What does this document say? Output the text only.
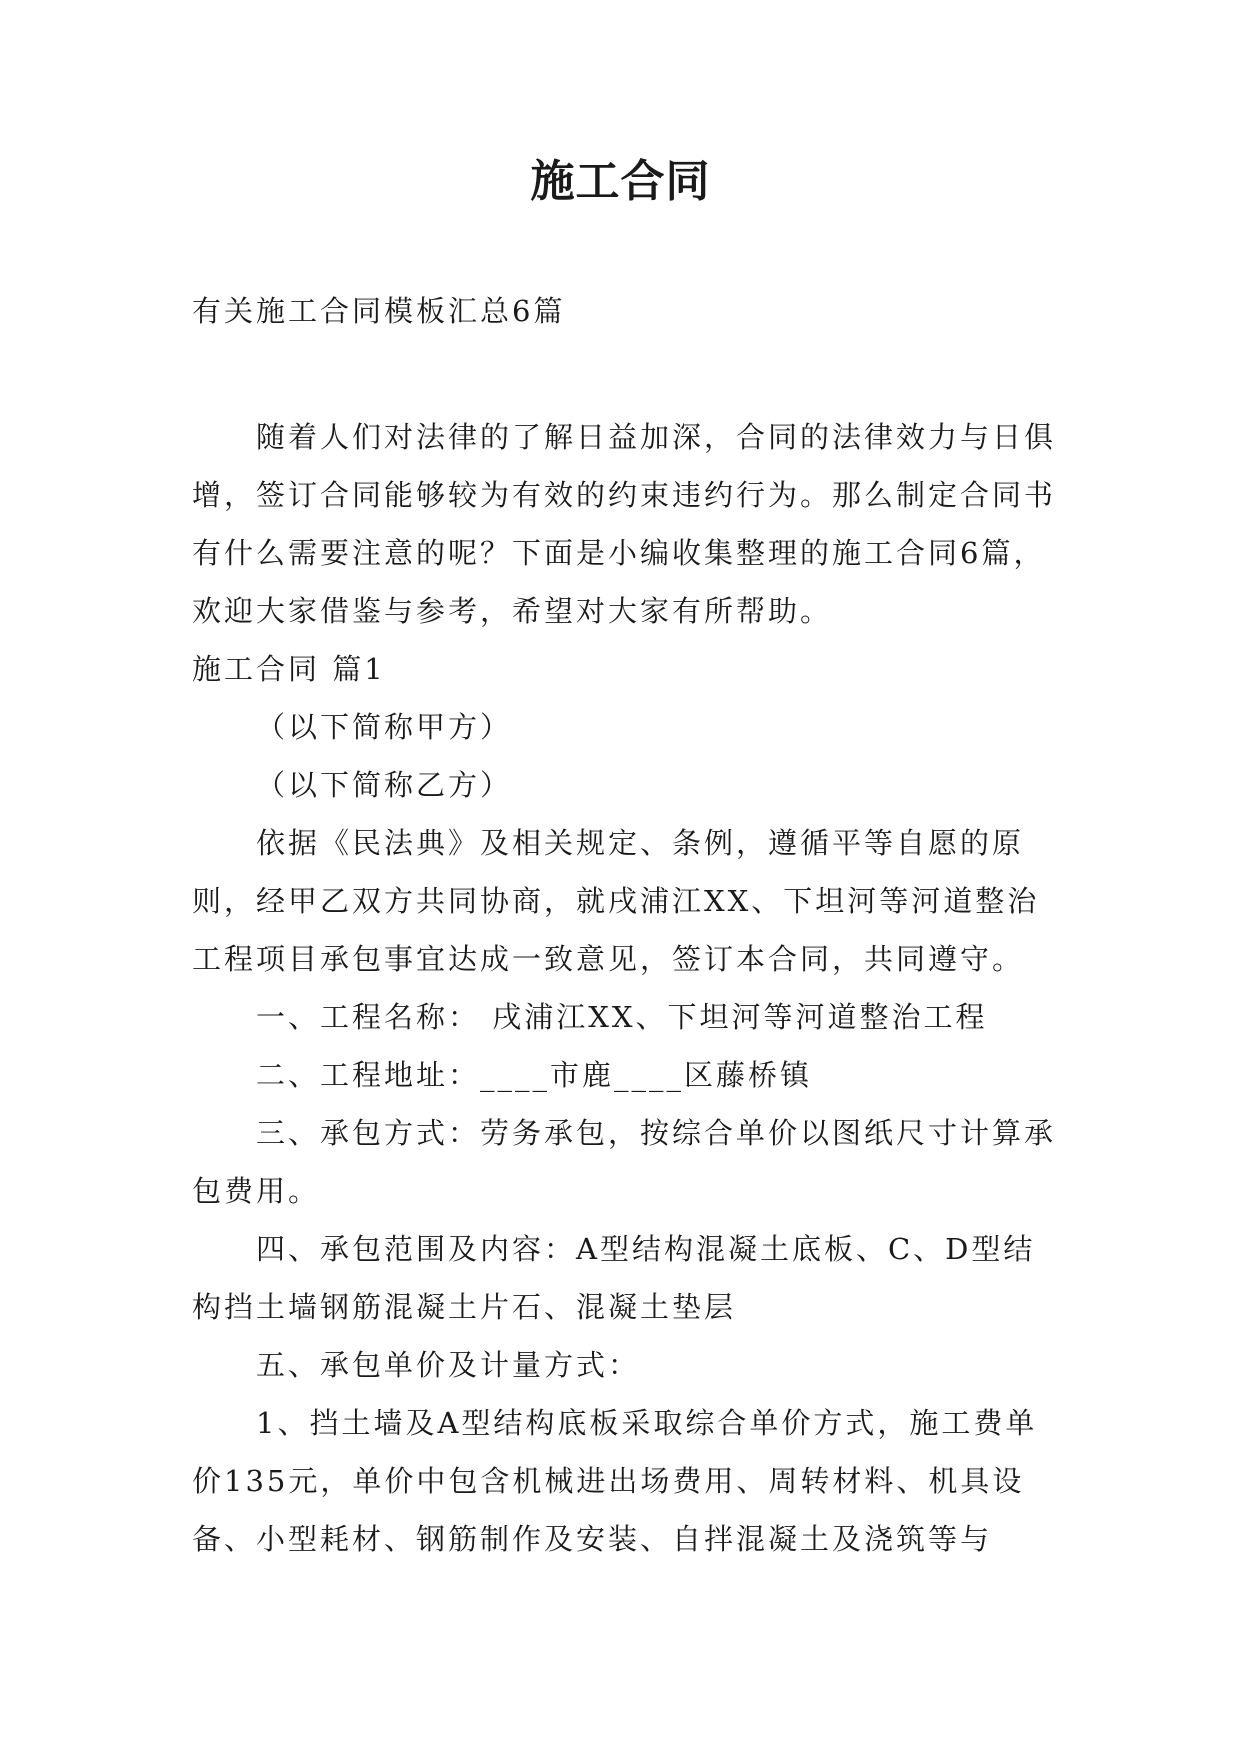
施工合同
有关施工合同模板汇总6篇

随着人们对法律的了解日益加深，合同的法律效力与日俱增，签订合同能够较为有效的约束违约行为。那么制定合同书有什么需要注意的呢？下面是小编收集整理的施工合同6篇，欢迎大家借鉴与参考，希望对大家有所帮助。

施工合同 篇1

（以下简称甲方）

（以下简称乙方）

依据《民法典》及相关规定、条例，遵循平等自愿的原则，经甲乙双方共同协商，就戌浦江XX、下坦河等河道整治工程项目承包事宜达成一致意见，签订本合同，共同遵守。

一、工程名称： 戌浦江XX、下坦河等河道整治工程

二、工程地址：____市鹿____区藤桥镇

三、承包方式：劳务承包，按综合单价以图纸尺寸计算承包费用。

四、承包范围及内容：A型结构混凝土底板、C、D型结构挡土墙钢筋混凝土片石、混凝土垫层

五、承包单价及计量方式：

1、挡土墙及A型结构底板采取综合单价方式，施工费单价135元，单价中包含机械进出场费用、周转材料、机具设备、小型耗材、钢筋制作及安装、自拌混凝土及浇筑等与
